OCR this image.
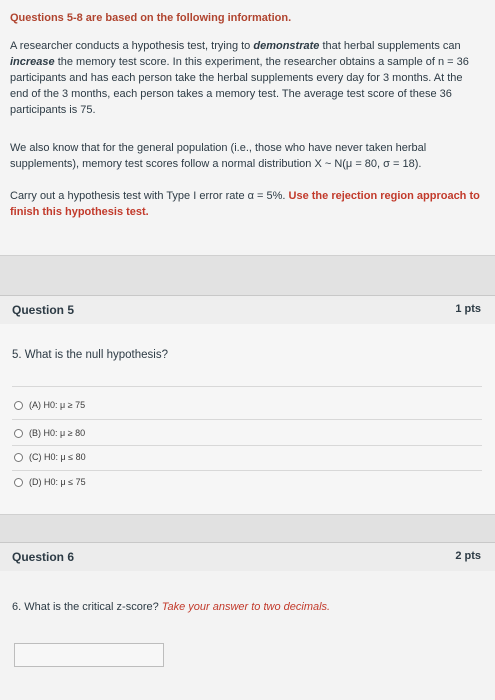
Questions 5-8 are based on the following information.
A researcher conducts a hypothesis test, trying to demonstrate that herbal supplements can increase the memory test score. In this experiment, the researcher obtains a sample of n = 36 participants and has each person take the herbal supplements every day for 3 months. At the end of the 3 months, each person takes a memory test. The average test score of these 36 participants is 75.
We also know that for the general population (i.e., those who have never taken herbal supplements), memory test scores follow a normal distribution X ~ N(μ = 80, σ = 18).
Carry out a hypothesis test with Type I error rate α = 5%. Use the rejection region approach to finish this hypothesis test.
Question 5	1 pts
5. What is the null hypothesis?
(A) H0: μ ≥ 75
(B) H0: μ ≥ 80
(C) H0: μ ≤ 80
(D) H0: μ ≤ 75
Question 6	2 pts
6. What is the critical z-score? Take your answer to two decimals.
